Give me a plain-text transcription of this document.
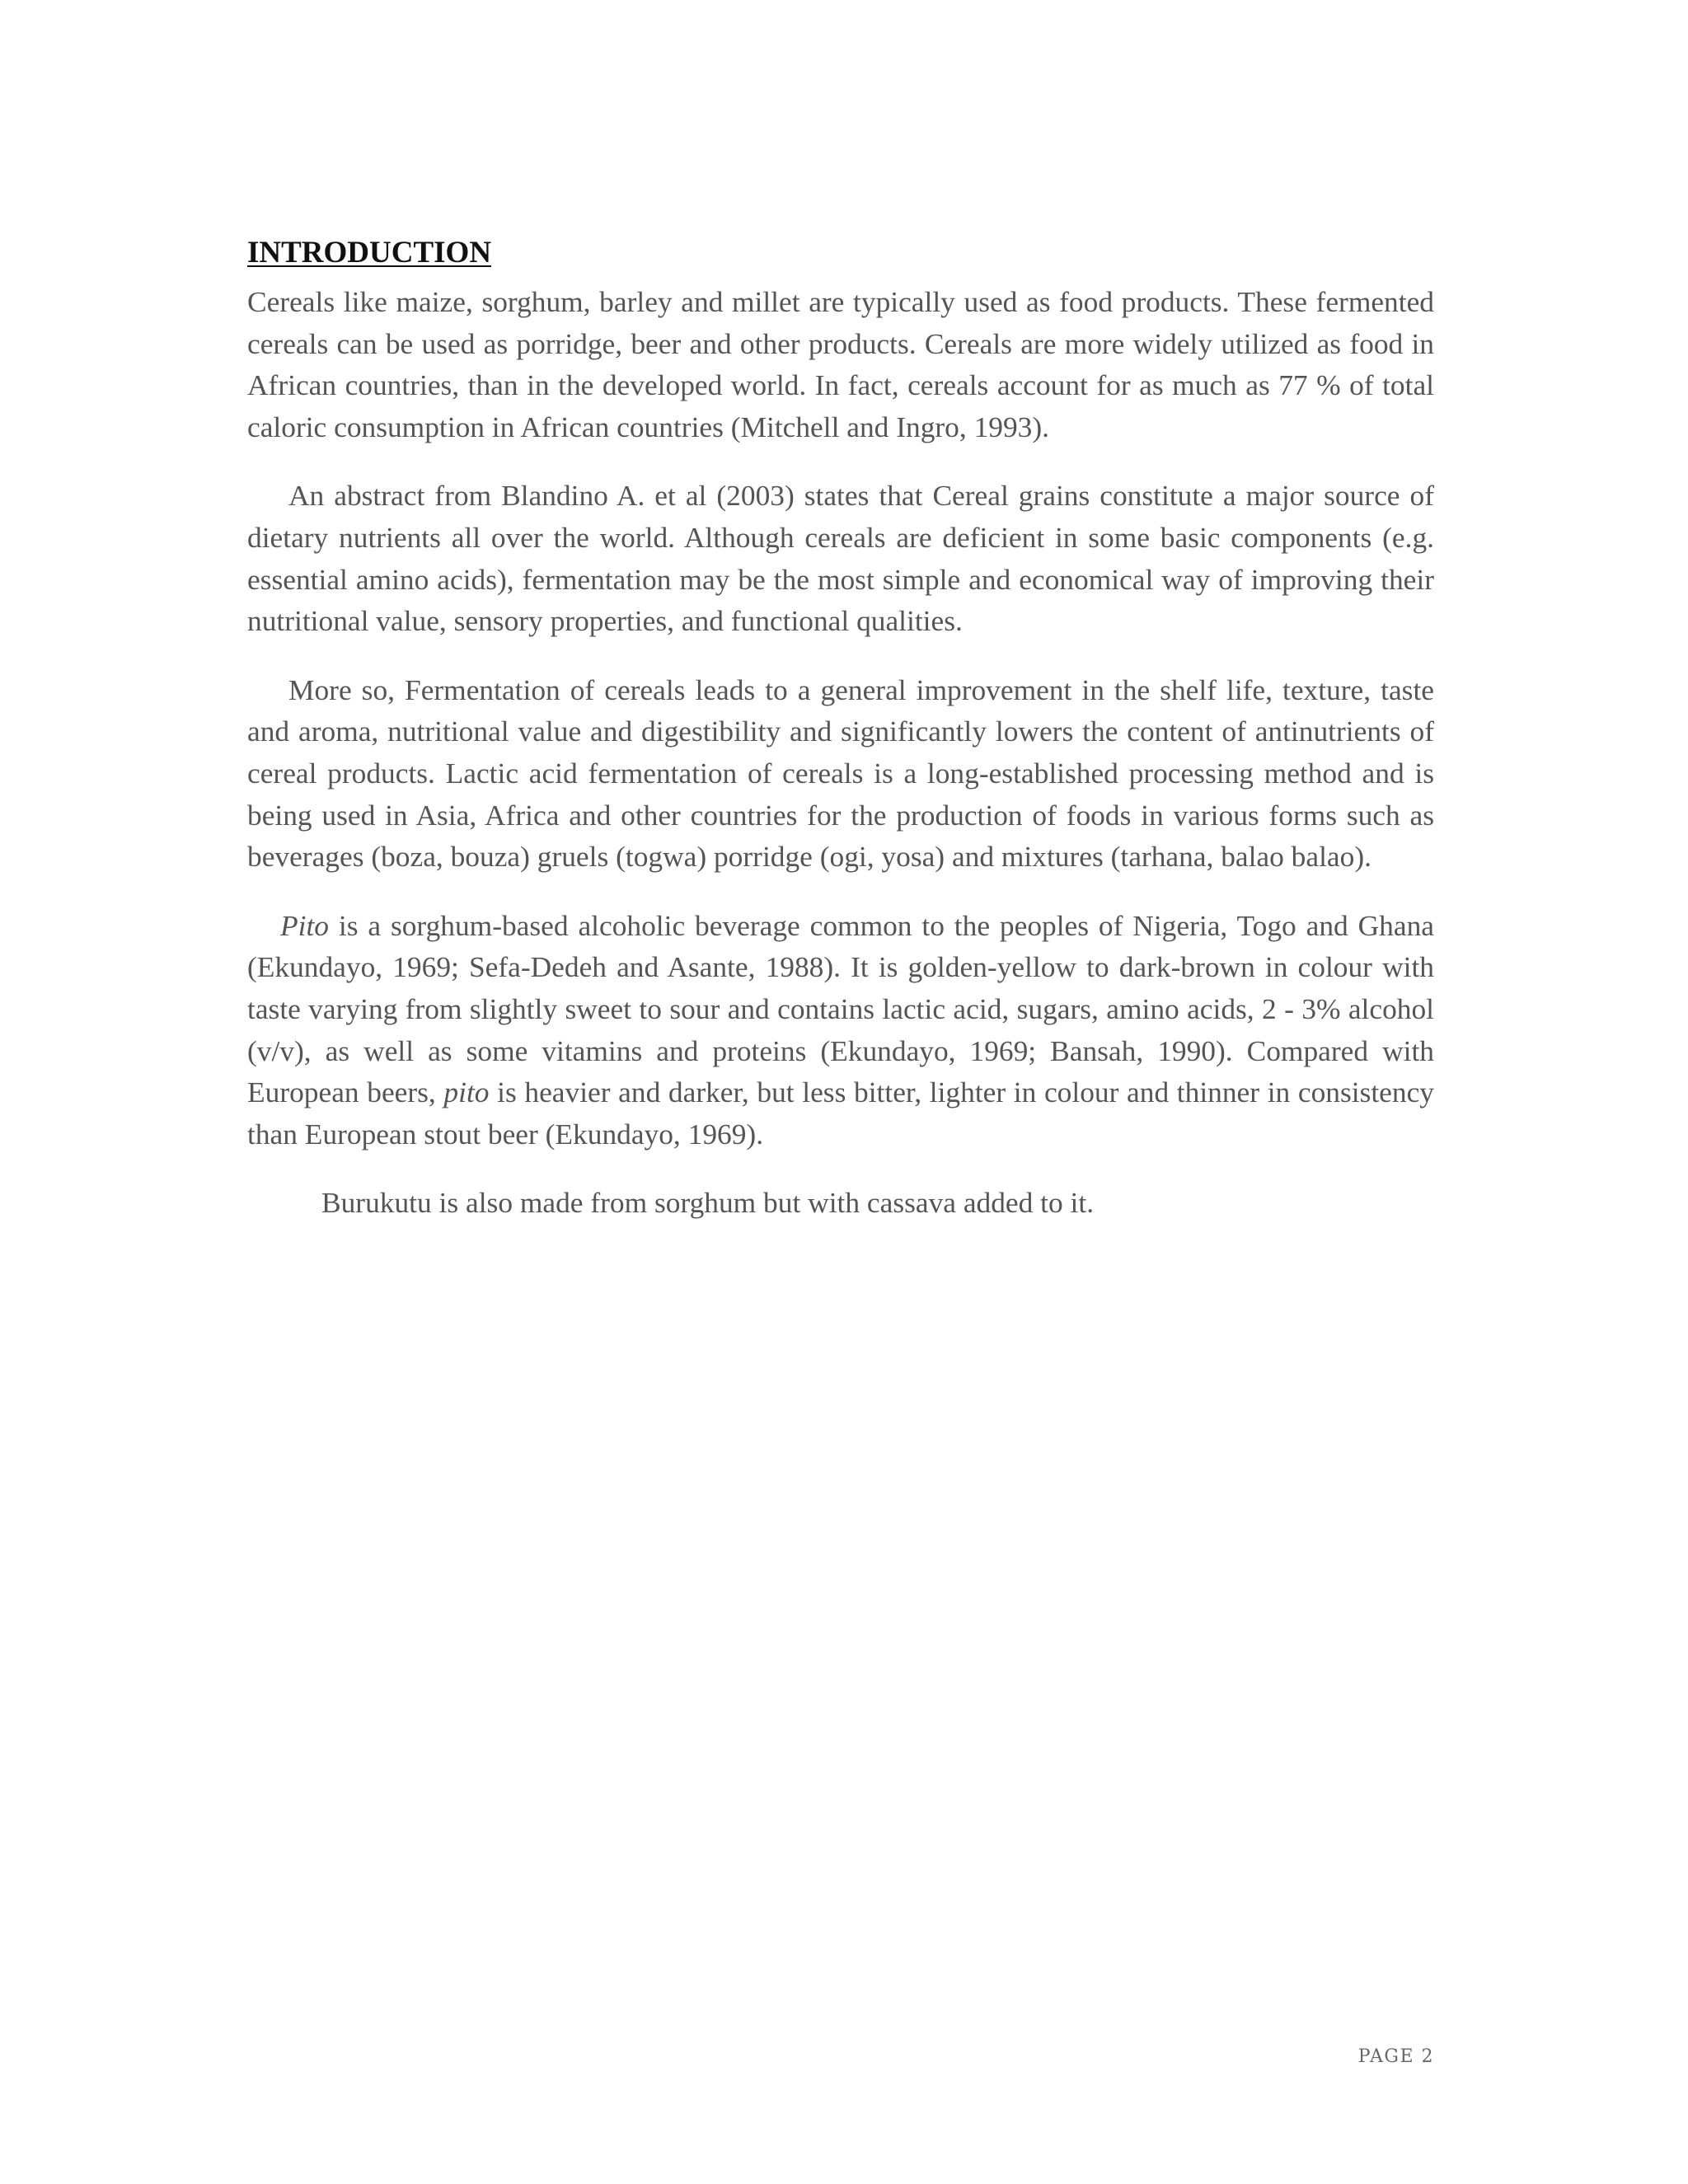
INTRODUCTION

Cereals like maize, sorghum, barley and millet are typically used as food products. These fermented cereals can be used as porridge, beer and other products. Cereals are more widely utilized as food in African countries, than in the developed world. In fact, cereals account for as much as 77 % of total caloric consumption in African countries (Mitchell and Ingro, 1993).

An abstract from Blandino A. et al (2003) states that Cereal grains constitute a major source of dietary nutrients all over the world. Although cereals are deficient in some basic components (e.g. essential amino acids), fermentation may be the most simple and economical way of improving their nutritional value, sensory properties, and functional qualities.

More so, Fermentation of cereals leads to a general improvement in the shelf life, texture, taste and aroma, nutritional value and digestibility and significantly lowers the content of antinutrients of cereal products. Lactic acid fermentation of cereals is a long-established processing method and is being used in Asia, Africa and other countries for the production of foods in various forms such as beverages (boza, bouza) gruels (togwa) porridge (ogi, yosa) and mixtures (tarhana, balao balao).

Pito is a sorghum-based alcoholic beverage common to the peoples of Nigeria, Togo and Ghana (Ekundayo, 1969; Sefa-Dedeh and Asante, 1988). It is golden-yellow to dark-brown in colour with taste varying from slightly sweet to sour and contains lactic acid, sugars, amino acids, 2 - 3% alcohol (v/v), as well as some vitamins and proteins (Ekundayo, 1969; Bansah, 1990). Compared with European beers, pito is heavier and darker, but less bitter, lighter in colour and thinner in consistency than European stout beer (Ekundayo, 1969).

Burukutu is also made from sorghum but with cassava added to it.

PAGE 2
